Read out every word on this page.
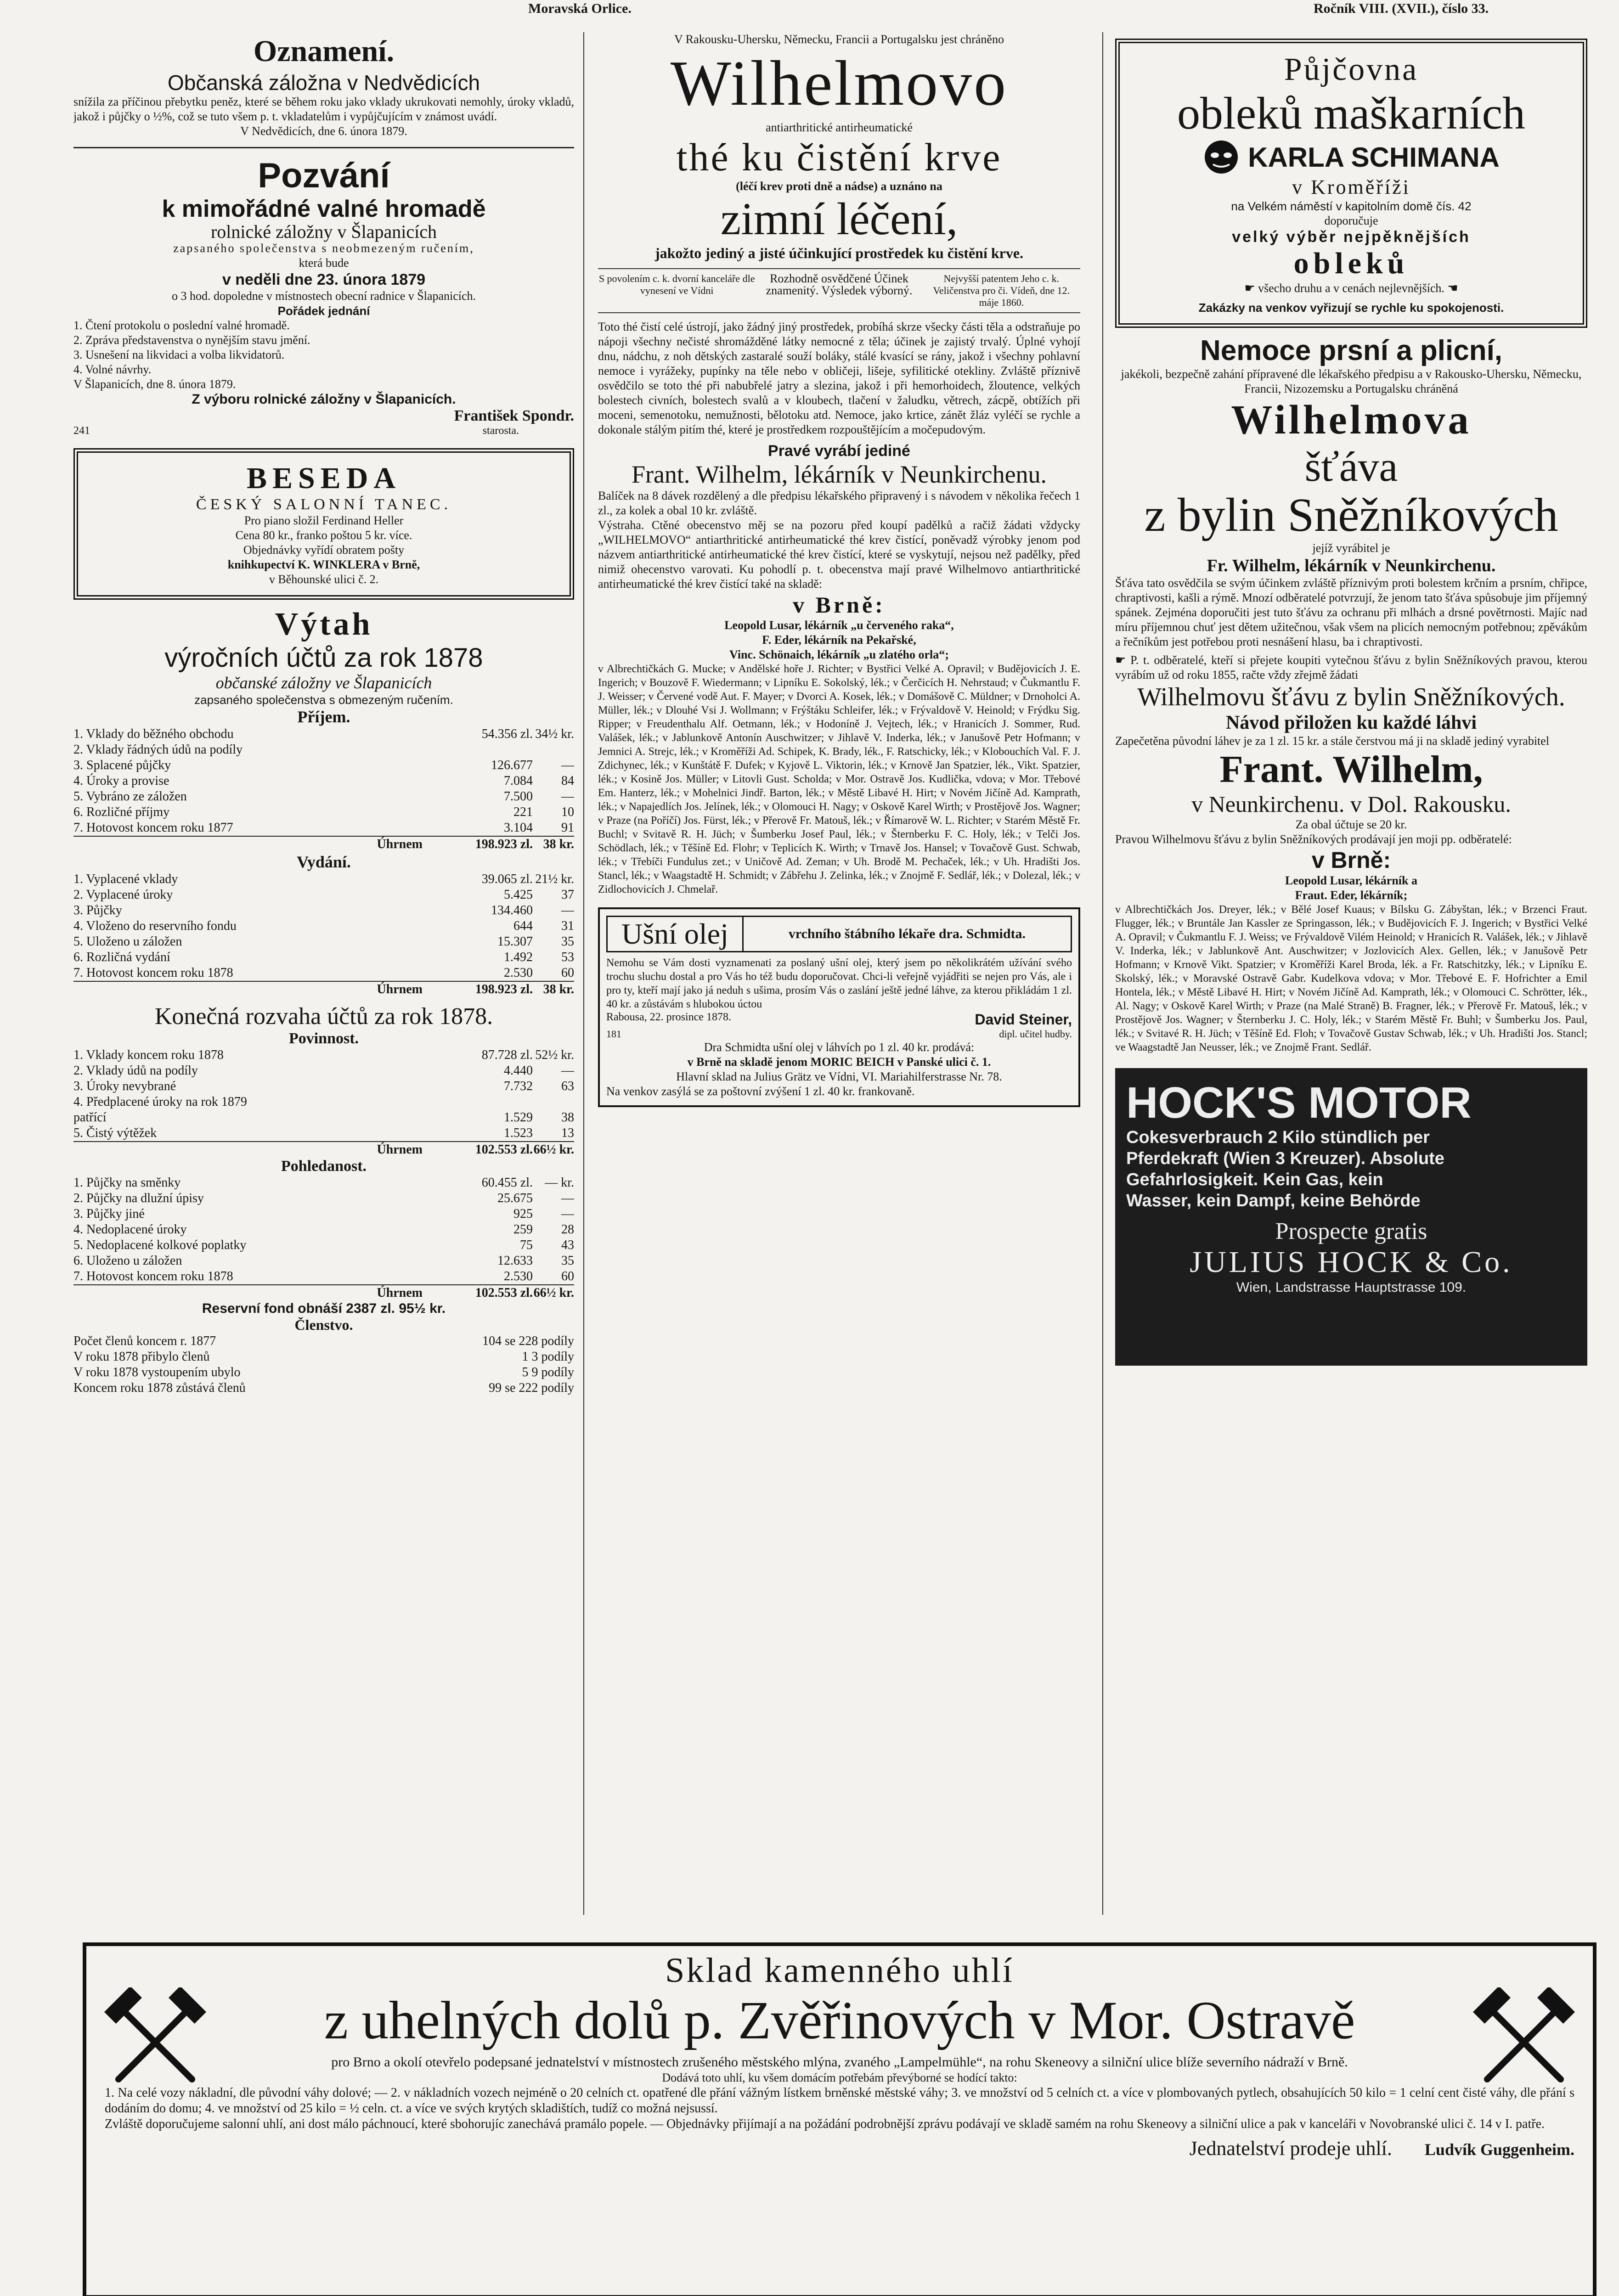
Moravská Orlice.	Ročník VIII. (XVII.), číslo 33.
Oznamení.
Občanská záložna v Nedvědicích
snížila za příčinou přebytku peněz, které se během roku jako vklady ukrukovati nemohly, úroky vkladů, jakož i půjčky o ½%, což se tuto všem p. t. vkladatelům i vypůjčujícím v známost uvádí.
V Nedvědicích, dne 6. února 1879.
Pozvání
k mimořádné valné hromadě
rolnické záložny v Šlapanicích
zapsaného společenstva s neobmezeným ručením,
která bude
v neděli dne 23. února 1879
o 3 hod. dopoledne v místnostech obecní radnice v Šlapanicích.
Pořádek jednání
1. Čtení protokolu o poslední valné hromadě.
2. Zpráva představenstva o nynějším stavu jmění.
3. Usnešení na likvidaci a volba likvidatorů.
4. Volné návrhy.
V Šlapanicích, dne 8. února 1879.
Z výboru rolnické záložny v Šlapanicích.
František Spondr.
241	starosta.
BESEDA
ČESKÝ SALONNÍ TANEC.
Pro piano složil Ferdinand Heller
Cena 80 kr., franko poštou 5 kr. více.
Objednávky vyřídí obratem pošty
knihkupectví K. WINKLERA v Brně,
v Běhounské ulici č. 2.
Výtah
výročních účtů za rok 1878
občanské záložny ve Šlapanicích
zapsaného společenstva s obmezeným ručením.
Příjem.
1. Vklady do běžného obchodu	54.356 zl. 34½ kr.
2. Vklady řádných údů na podíly
3. Splacené půjčky	126.677	—
4. Úroky a provise	7.084	84
5. Vybráno ze záložen	7.500	—
6. Rozličné příjmy	221	10
7. Hotovost koncem roku 1877	3.104	91
Úhrnem	198.923 zl. 38 kr.
Vydání.
1. Vyplacené vklady	39.065 zl. 21½ kr.
2. Vyplacené úroky	5.425	37
3. Půjčky	134.460	—
4. Vloženo do reservního fondu	644	31
5. Uloženo u záložen	15.307	35
6. Rozličná vydání	1.492	53
7. Hotovost koncem roku 1878	2.530	60
Úhrnem	198.923 zl. 38 kr.
Konečná rozvaha účtů za rok 1878.
Povinnost.
1. Vklady koncem roku 1878	87.728 zl. 52½ kr.
2. Vklady údů na podíly	4.440	—
3. Úroky nevybrané	7.732	63
4. Předplacené úroky na rok 1879
patřící	1.529	38
5. Čistý výtěžek	1.523	13
Úhrnem	102.553 zl. 66½ kr.
Pohledanost.
1. Půjčky na směnky	60.455 zl. — kr.
2. Půjčky na dlužní úpisy	25.675	—
3. Půjčky jiné	925	—
4. Nedoplacené úroky	259	28
5. Nedoplacené kolkové poplatky	75	43
6. Uloženo u záložen	12.633	35
7. Hotovost koncem roku 1878	2.530	60
Úhrnem	102.553 zl. 66½ kr.
Reservní fond obnáší 2387 zl. 95½ kr.
Členstvo.
Počet členů koncem r. 1877	104 se 228 podíly
V roku 1878 přibylo členů	1 3 podíly
V roku 1878 vystoupením ubylo	5 9 podíly
Koncem roku 1878 zůstává členů	99 se 222 podíly
V Rakousku-Uhersku, Německu, Francii a Portugalsku jest chráněno
Wilhelmovo
antiarthritické antirheumatické
thé ku čistění krve
(léčí krev proti dně a nádse) a uznáno na
zimní léčení,
jakožto jediný a jisté účinkující prostředek ku čistění krve.
S povolením c. k. dvorní kanceláře dle vynesení ve Vídni
Rozhodně osvědčené Účinek znamenitý. Výsledek výborný.
Nejvyšší patentem Jeho c. k. Veličenstva pro či. Vídeň, dne 12. máje 1860.
Toto thé čistí celé ústrojí, jako žádný jiný prostředek, probíhá skrze všecky části těla a odstraňuje po nápoji všechny nečisté shromážděné látky nemocné z těla; účinek je zajistý trvalý. Úplné vyhojí dnu, nádchu, z noh dětských zastaralé souží boláky, stálé kvasící se rány, jakož i všechny pohlavní nemoce i vyrážeky, pupínky na těle nebo v obličeji, lišeje, syfilitické otekliny. Zvláště příznivě osvědčilo se toto thé při nabubřelé jatry a slezina, jakož i při hemorhoidech, žloutence, velkých bolestech civních, bolestech svalů a v kloubech, tlačení v žaludku, větrech, zácpě, obtížích při moceni, semenotoku, nemužnosti, bělotoku atd. Nemoce, jako krtice, zánět žláz vyléčí se rychle a dokonale stálým pitím thé, které je prostředkem rozpouštějícím a močepudovým.
Pravé vyrábí jediné
Frant. Wilhelm, lékárník v Neunkirchenu.
Balíček na 8 dávek rozdělený a dle předpisu lékařského připravený i s návodem v několika řečech 1 zl., za kolek a obal 10 kr. zvláště.
Výstraha. Ctěné obecenstvo měj se na pozoru před koupí padělků a račiž žádati vždycky „WILHELMOVO“ antiarthritické antirheumatické thé krev čistící, poněvadž výrobky jenom pod názvem antiarthritické antirheumatické thé krev čistící, které se vyskytují, nejsou než padělky, před nimiž ohecenstvo varovati. Ku pohodlí p. t. obecenstva mají pravé Wilhelmovo antiarthritické antirheumatické thé krev čistící také na skladě:
v Brně:
Leopold Lusar, lékárník „u červeného raka“,
F. Eder, lékárník na Pekařské,
Vinc. Schönaich, lékárník „u zlatého orla“;
v Albrechtičkách G. Mucke; v Andělské hoře J. Richter; v Bystřici Velké A. Opravil; v Budějovicích J. E. Ingerich; v Bouzově F. Wiedermann; v Lipníku E. Sokolský, lék.; v Čerčicích H. Nehrstaud; v Čukmantlu F. J. Weisser; v Červené vodě Aut. F. Mayer; v Dvorci A. Kosek, lék.; v Domášově C. Müldner; v Drnoholci A. Müller, lék.; v Dlouhé Vsi J. Wollmann; v Frýštáku Schleifer, lék.; v Frývaldově V. Heinold; v Frýdku Sig. Ripper; v Freudenthalu Alf. Oetmann, lék.; v Hodoníně J. Vejtech, lék.; v Hranicích J. Sommer, Rud. Valášek, lék.; v Jablunkově Antonín Auschwitzer; v Jihlavě V. Inderka, lék.; v Janušově Petr Hofmann; v Jemnici A. Strejc, lék.; v Kroměříži Ad. Schipek, K. Brady, lék., F. Ratschicky, lék.; v Klobouchích Val. F. J. Zdichynec, lék.; v Kunštátě F. Dufek; v Kyjově L. Viktorin, lék.; v Krnově Jan Spatzier, lék., Vikt. Spatzier, lék.; v Kosině Jos. Müller; v Litovli Gust. Scholda; v Mor. Ostravě Jos. Kudlička, vdova; v Mor. Třebové Em. Hanterz, lék.; v Mohelnici Jindř. Barton, lék.; v Městě Libavé H. Hirt; v Novém Jičíně Ad. Kamprath, lék.; v Napajedlích Jos. Jelínek, lék.; v Olomouci H. Nagy; v Oskově Karel Wirth; v Prostějově Jos. Wagner; v Praze (na Poříčí) Jos. Fürst, lék.; v Přerově Fr. Matouš, lék.; v Římarově W. L. Richter; v Starém Městě Fr. Buchl; v Svitavě R. H. Jüch; v Šumberku Josef Paul, lék.; v Šternberku F. C. Holy, lék.; v Telči Jos. Schödlach, lék.; v Těšíně Ed. Flohr; v Teplicích K. Wirth; v Trnavě Jos. Hansel; v Tovačově Gust. Schwab, lék.; v Třebíči Fundulus zet.; v Uničově Ad. Zeman; v Uh. Brodě M. Pechaček, lék.; v Uh. Hradišti Jos. Stancl, lék.; v Waagstadtě H. Schmidt; v Zábřehu J. Zelinka, lék.; v Znojmě F. Sedlář, lék.; v Dolezal, lék.; v Zidlochovicích J. Chmelař.
Ušní olej	vrchního štábního lékaře dra. Schmidta.
Nemohu se Vám dosti vyznamenati za poslaný ušní olej, který jsem po několikrátém užívání svého trochu sluchu dostal a pro Vás ho též budu doporučovat. Chci-li veřejně vyjádřiti se nejen pro Vás, ale i pro ty, kteří mají jako já neduh s ušima, prosím Vás o zaslání ještě jedné láhve, za kterou přikládám 1 zl. 40 kr. a zůstávám s hlubokou úctou
Rabousa, 22. prosince 1878.	David Steiner,
181	dipl. učitel hudby.
Dra Schmidta ušní olej v láhvích po 1 zl. 40 kr. prodává:
v Brně na skladě jenom MORIC BEICH v Panské ulici č. 1.
Hlavní sklad na Julius Grätz ve Vídni, VI. Mariahilferstrasse Nr. 78.
Na venkov zasýlá se za poštovní zvýšení 1 zl. 40 kr. frankovaně.
Půjčovna
obleků maškarních
KARLA SCHIMANA
v Kroměříži
na Velkém náměstí v kapitolním domě čís. 42
doporučuje
velký výběr nejpěknějších
obleků
☛ všecho druhu a v cenách nejlevnějších. ☚
Zakázky na venkov vyřizují se rychle ku spokojenosti.
Nemoce prsní a plicní,
jakékoli, bezpečně zahání přípravené dle lékařského předpisu a v Rakousko-Uhersku, Německu, Francii, Nizozemsku a Portugalsku chráněná
Wilhelmova
šťáva
z bylin Sněžníkových
jejíž vyrábitel je
Fr. Wilhelm, lékárník v Neunkirchenu.
Šťáva tato osvědčila se svým účinkem zvláště příznivým proti bolestem krčním a prsním, chřipce, chraptivosti, kašli a rýmě. Mnozí odběratelé potvrzují, že jenom tato šťáva spůsobuje jim příjemný spánek. Zejména doporučiti jest tuto šťávu za ochranu při mlhách a drsné povětrnosti. Majíc nad míru příjemnou chuť jest dětem užitečnou, však všem na plicích nemocným potřebnou; zpěvákům a řečníkům jest potřebou proti nesnášení hlasu, ba i chraptivosti.
☛ P. t. odběratelé, kteří si přejete koupiti vytečnou šťávu z bylin Sněžníkových pravou, kterou vyrábím už od roku 1855, račte vždy zřejmě žádati
Wilhelmovu šťávu z bylin Sněžníkových.
Návod přiložen ku každé láhvi
Zapečetěna původní láhev je za 1 zl. 15 kr. a stále čerstvou má ji na skladě jediný vyrabitel
Frant. Wilhelm,
v Neunkirchenu. v Dol. Rakousku.
Za obal účtuje se 20 kr.
Pravou Wilhelmovu šťávu z bylin Sněžníkových prodávají jen moji pp. odběratelé:
v Brně:
Leopold Lusar, lékárník a
Fraut. Eder, lékárník;
v Albrechtičkách Jos. Dreyer, lék.; v Bělé Josef Kuaus; v Bílsku G. Zábyštan, lék.; v Brzenci Fraut. Flugger, lék.; v Bruntále Jan Kassler ze Springasson, lék.; v Budějovicích F. J. Ingerich; v Bystřici Velké A. Opravil; v Čukmantlu F. J. Weiss; ve Frývaldově Vilém Heinold; v Hranicích R. Valášek, lék.; v Jihlavě V. Inderka, lék.; v Jablunkově Ant. Auschwitzer; v Jozlovicích Alex. Gellen, lék.; v Janušově Petr Hofmann; v Krnově Vikt. Spatzier; v Kroměříži Karel Brodа, lék. a Fr. Ratschitzky, lék.; v Lipníku E. Skolský, lék.; v Moravské Ostravě Gabr. Kudelkova vdova; v Mor. Třebové E. F. Hofrichter a Emil Hontela, lék.; v Městě Libavé H. Hirt; v Novém Jičíně Ad. Kamprath, lék.; v Olomouci C. Schrötter, lék., Al. Nagy; v Oskově Karel Wirth; v Praze (na Malé Straně) B. Fragner, lék.; v Přerově Fr. Matouš, lék.; v Prostějově Jos. Wagner; v Šternberku J. C. Holy, lék.; v Starém Městě Fr. Buhl; v Šumberku Jos. Paul, lék.; v Svitavé R. H. Jüch; v Těšíně Ed. Floh; v Tovačově Gustav Schwab, lék.; v Uh. Hradišti Jos. Stancl; ve Waagstadtě Jan Neusser, lék.; ve Znojmě Frant. Sedlář.
HOCK'S MOTOR
Cokesverbrauch 2 Kilo stündlich per
Pferdekraft (Wien 3 Kreuzer). Absolute Gefahrlosigkeit. Kein Gas, kein
Wasser, kein Dampf, keine Behörde
Prospecte gratis
JULIUS HOCK & Co.
Wien, Landstrasse Hauptstrasse 109.
Sklad kamenného uhlí
z uhelných dolů p. Zvěřinových v Mor. Ostravě
pro Brno a okolí otevřelo podepsané jednatelství v místnostech zrušeného městského mlýna, zvaného „Lampelmühle“, na rohu Skeneovy a silniční ulice blíže severního nádraží v Brně.
Dodává toto uhlí, ku všem domácím potřebám převýborné se hodící takto:
1. Na celé vozy nákladní, dle původní váhy dolové; — 2. v nákladních vozech nejméně o 20 celních ct. opatřené dle přání vážným lístkem brněnské městské váhy; 3. ve množství od 5 celních ct. a více v plombovaných pytlech, obsahujících 50 kilo = 1 celní cent čisté váhy, dle přání s dodáním do domu; 4. ve množství od 25 kilo = ½ celn. ct. a více ve svých krytých skladištích, tudíž co možná nejsussí.
Zvláště doporučujeme salonní uhlí, ani dost málo páchnoucí, které sbohorujíc zanechává pramálo popele. — Objednávky přijímají a na požádání podrobnější zprávu podávají ve skladě samém na rohu Skeneovy a silniční ulice a pak v kanceláři v Novobranské ulici č. 14 v I. patře.
Jednatelství prodeje uhlí. Ludvík Guggenheim.
